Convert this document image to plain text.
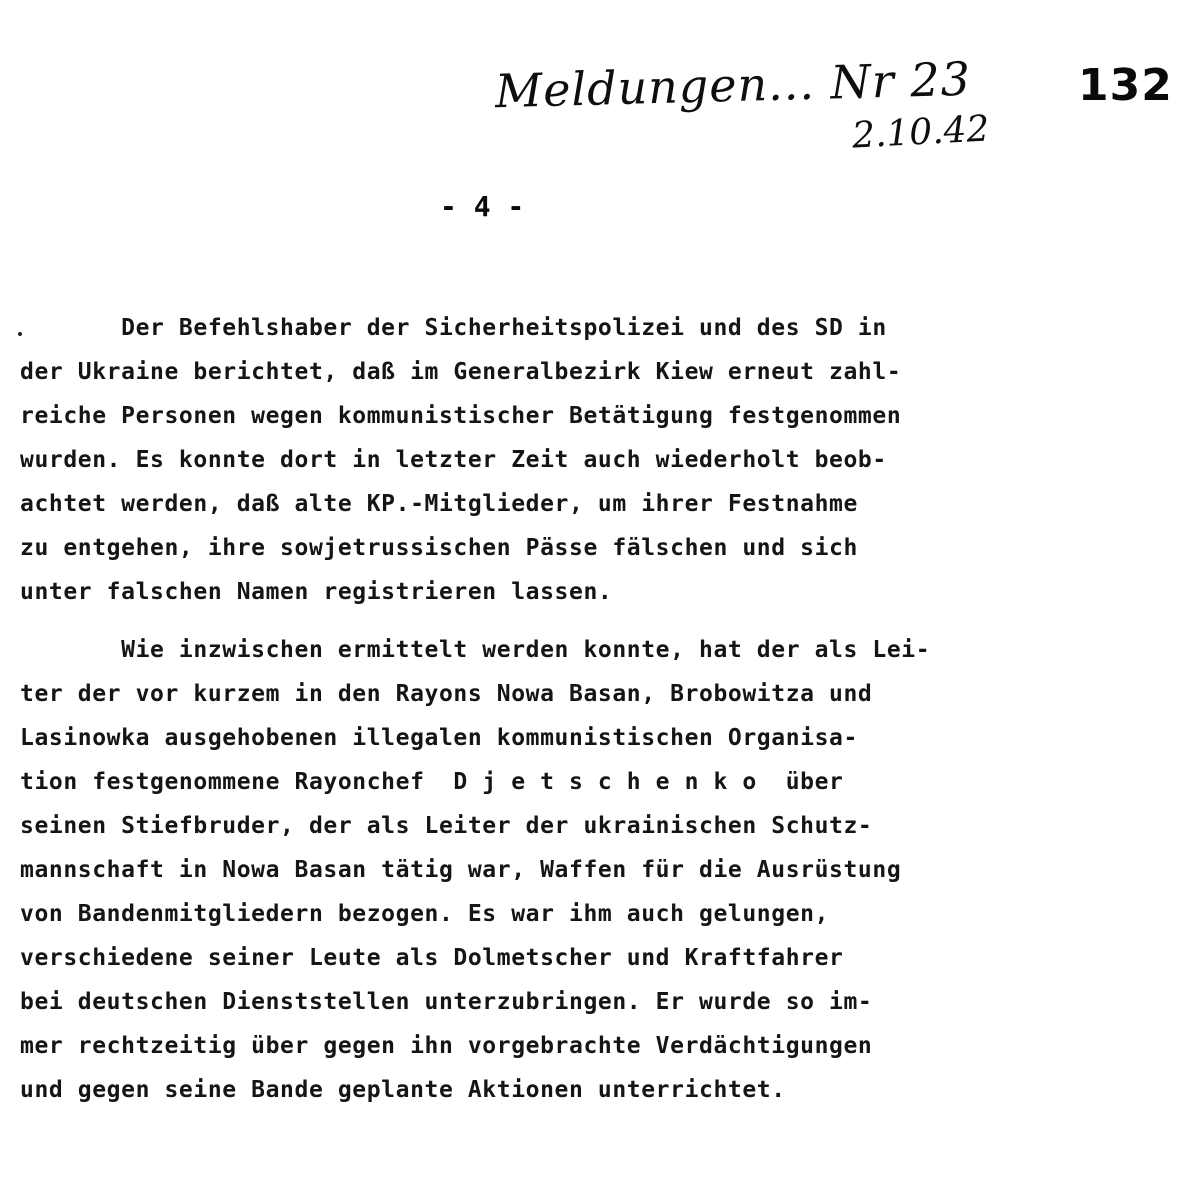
Meldungen... Nr 23
2.10.42
132
- 4 -
Der Befehlshaber der Sicherheitspolizei und des SD in
der Ukraine berichtet, daß im Generalbezirk Kiew erneut zahl-
reiche Personen wegen kommunistischer Betätigung festgenommen
wurden. Es konnte dort in letzter Zeit auch wiederholt beob-
achtet werden, daß alte KP.-Mitglieder, um ihrer Festnahme
zu entgehen, ihre sowjetrussischen Pässe fälschen und sich
unter falschen Namen registrieren lassen.
Wie inzwischen ermittelt werden konnte, hat der als Lei-
ter der vor kurzem in den Rayons Nowa Basan, Brobowitza und
Lasinowka ausgehobenen illegalen kommunistischen Organisa-
tion festgenommene Rayonchef  D j e t s c h e n k o  über
seinen Stiefbruder, der als Leiter der ukrainischen Schutz-
mannschaft in Nowa Basan tätig war, Waffen für die Ausrüstung
von Bandenmitgliedern bezogen. Es war ihm auch gelungen,
verschiedene seiner Leute als Dolmetscher und Kraftfahrer
bei deutschen Dienststellen unterzubringen. Er wurde so im-
mer rechtzeitig über gegen ihn vorgebrachte Verdächtigungen
und gegen seine Bande geplante Aktionen unterrichtet.
